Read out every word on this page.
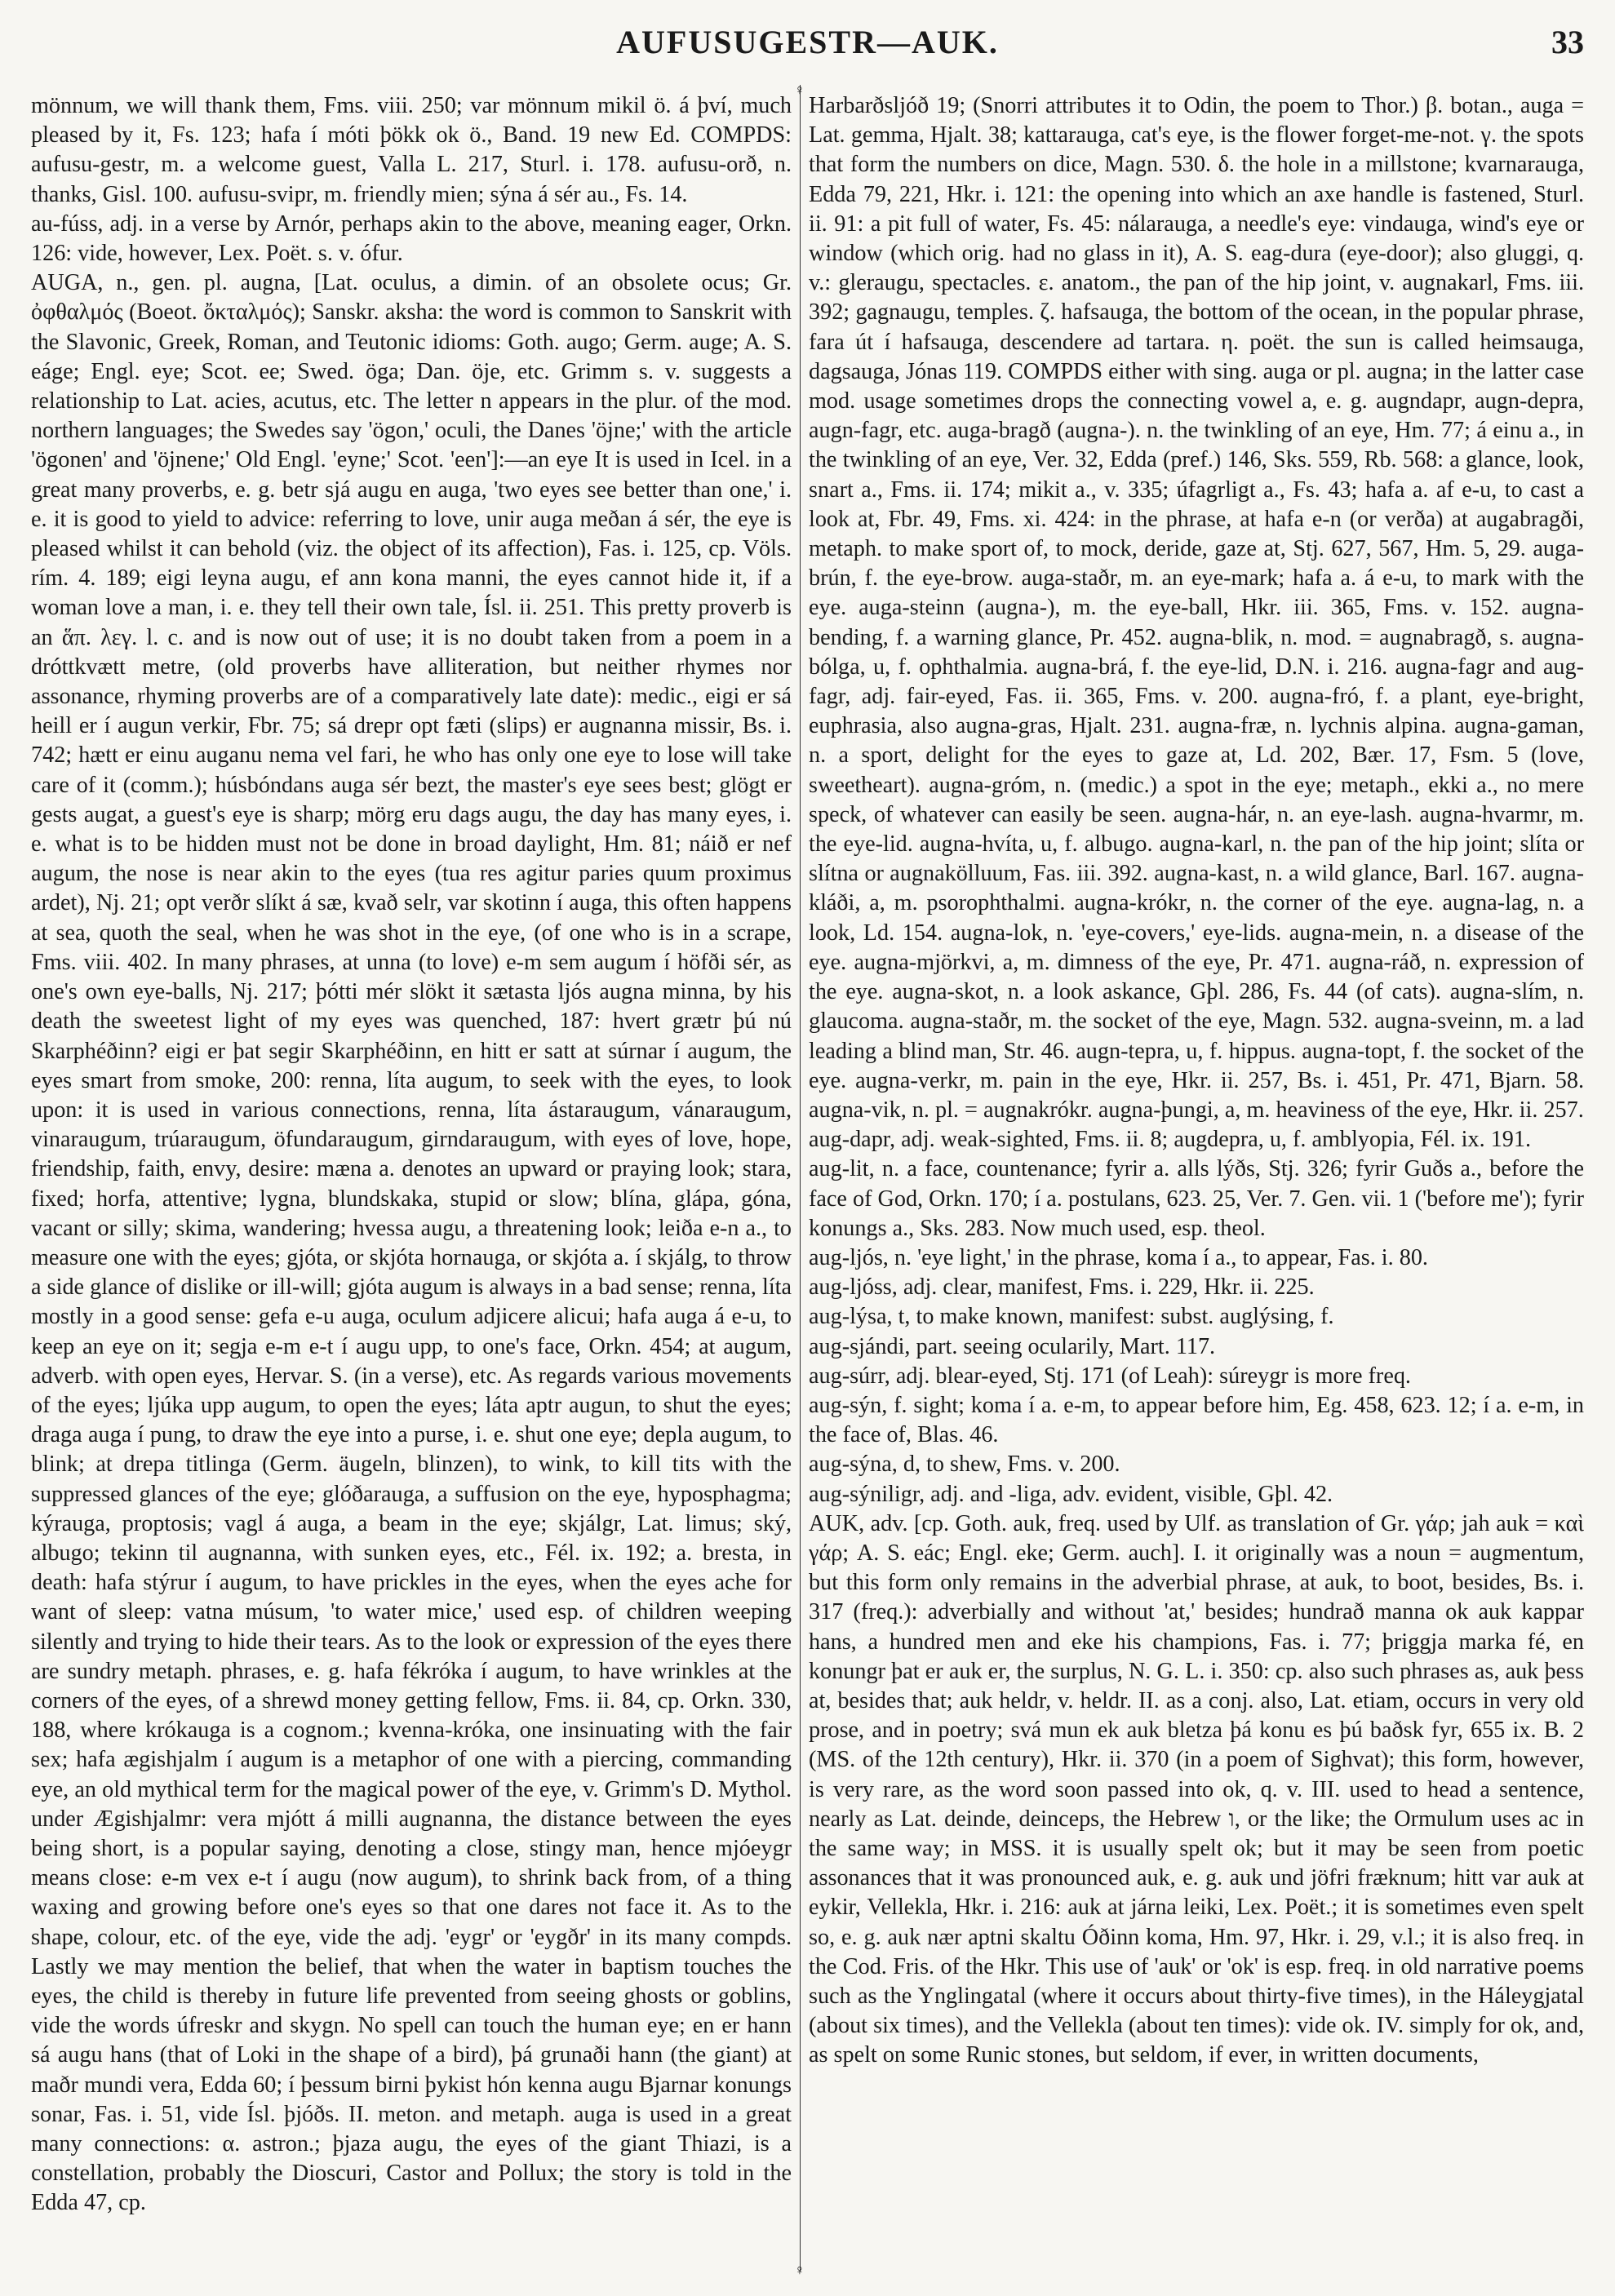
AUFUSUGESTR—AUK.	33
♀
♀

mönnum, we will thank them, Fms. viii. 250; var mönnum mikil ö. á því, much pleased by it, Fs. 123; hafa í móti þökk ok ö., Band. 19 new Ed. COMPDS: aufusu-gestr, m. a welcome guest, Valla L. 217, Sturl. i. 178. aufusu-orð, n. thanks, Gisl. 100. aufusu-svipr, m. friendly mien; sýna á sér au., Fs. 14.

au-fúss, adj. in a verse by Arnór, perhaps akin to the above, meaning eager, Orkn. 126: vide, however, Lex. Poët. s. v. ófur.

AUGA, n., gen. pl. augna, [Lat. oculus, a dimin. of an obsolete ocus; Gr. ὀφθαλμός (Boeot. ὄκταλμός); Sanskr. aksha: the word is common to Sanskrit with the Slavonic, Greek, Roman, and Teutonic idioms: Goth. augo; Germ. auge; A. S. eáge; Engl. eye; Scot. ee; Swed. öga; Dan. öje, etc. Grimm s. v. suggests a relationship to Lat. acies, acutus, etc. The letter n appears in the plur. of the mod. northern languages; the Swedes say 'ögon,' oculi, the Danes 'öjne;' with the article 'ögonen' and 'öjnene;' Old Engl. 'eyne;' Scot. 'een']:—an eye It is used in Icel. in a great many proverbs, e. g. betr sjá augu en auga, 'two eyes see better than one,' i. e. it is good to yield to advice: referring to love, unir auga meðan á sér, the eye is pleased whilst it can behold (viz. the object of its affection), Fas. i. 125, cp. Völs. rím. 4. 189; eigi leyna augu, ef ann kona manni, the eyes cannot hide it, if a woman love a man, i. e. they tell their own tale, Ísl. ii. 251. This pretty proverb is an ἅπ. λεγ. l. c. and is now out of use; it is no doubt taken from a poem in a dróttkvætt metre, (old proverbs have alliteration, but neither rhymes nor assonance, rhyming proverbs are of a comparatively late date): medic., eigi er sá heill er í augun verkir, Fbr. 75; sá drepr opt fæti (slips) er augnanna missir, Bs. i. 742; hætt er einu auganu nema vel fari, he who has only one eye to lose will take care of it (comm.); húsbóndans auga sér bezt, the master's eye sees best; glögt er gests augat, a guest's eye is sharp; mörg eru dags augu, the day has many eyes, i. e. what is to be hidden must not be done in broad daylight, Hm. 81; náið er nef augum, the nose is near akin to the eyes (tua res agitur paries quum proximus ardet), Nj. 21; opt verðr slíkt á sæ, kvað selr, var skotinn í auga, this often happens at sea, quoth the seal, when he was shot in the eye, (of one who is in a scrape, Fms. viii. 402. In many phrases, at unna (to love) e-m sem augum í höfði sér, as one's own eye-balls, Nj. 217; þótti mér slökt it sætasta ljós augna minna, by his death the sweetest light of my eyes was quenched, 187: hvert grætr þú nú Skarphéðinn? eigi er þat segir Skarphéðinn, en hitt er satt at súrnar í augum, the eyes smart from smoke, 200: renna, líta augum, to seek with the eyes, to look upon: it is used in various connections, renna, líta ástaraugum, vánaraugum, vinaraugum, trúaraugum, öfundaraugum, girndaraugum, with eyes of love, hope, friendship, faith, envy, desire: mæna a. denotes an upward or praying look; stara, fixed; horfa, attentive; lygna, blundskaka, stupid or slow; blína, glápa, góna, vacant or silly; skima, wandering; hvessa augu, a threatening look; leiða e-n a., to measure one with the eyes; gjóta, or skjóta hornauga, or skjóta a. í skjálg, to throw a side glance of dislike or ill-will; gjóta augum is always in a bad sense; renna, líta mostly in a good sense: gefa e-u auga, oculum adjicere alicui; hafa auga á e-u, to keep an eye on it; segja e-m e-t í augu upp, to one's face, Orkn. 454; at augum, adverb. with open eyes, Hervar. S. (in a verse), etc. As regards various movements of the eyes; ljúka upp augum, to open the eyes; láta aptr augun, to shut the eyes; draga auga í pung, to draw the eye into a purse, i. e. shut one eye; depla augum, to blink; at drepa titlinga (Germ. äugeln, blinzen), to wink, to kill tits with the suppressed glances of the eye; glóðarauga, a suffusion on the eye, hyposphagma; kýrauga, proptosis; vagl á auga, a beam in the eye; skjálgr, Lat. limus; ský, albugo; tekinn til augnanna, with sunken eyes, etc., Fél. ix. 192; a. bresta, in death: hafa stýrur í augum, to have prickles in the eyes, when the eyes ache for want of sleep: vatna músum, 'to water mice,' used esp. of children weeping silently and trying to hide their tears. As to the look or expression of the eyes there are sundry metaph. phrases, e. g. hafa fékróka í augum, to have wrinkles at the corners of the eyes, of a shrewd money getting fellow, Fms. ii. 84, cp. Orkn. 330, 188, where krókauga is a cognom.; kvenna-króka, one insinuating with the fair sex; hafa ægishjalm í augum is a metaphor of one with a piercing, commanding eye, an old mythical term for the magical power of the eye, v. Grimm's D. Mythol. under Ægishjalmr: vera mjótt á milli augnanna, the distance between the eyes being short, is a popular saying, denoting a close, stingy man, hence mjóeygr means close: e-m vex e-t í augu (now augum), to shrink back from, of a thing waxing and growing before one's eyes so that one dares not face it. As to the shape, colour, etc. of the eye, vide the adj. 'eygr' or 'eygðr' in its many compds. Lastly we may mention the belief, that when the water in baptism touches the eyes, the child is thereby in future life prevented from seeing ghosts or goblins, vide the words úfreskr and skygn. No spell can touch the human eye; en er hann sá augu hans (that of Loki in the shape of a bird), þá grunaði hann (the giant) at maðr mundi vera, Edda 60; í þessum birni þykist hón kenna augu Bjarnar konungs sonar, Fas. i. 51, vide Ísl. þjóðs. II. meton. and metaph. auga is used in a great many connections: α. astron.; þjaza augu, the eyes of the giant Thiazi, is a constellation, probably the Dioscuri, Castor and Pollux; the story is told in the Edda 47, cp.

Harbarðsljóð 19; (Snorri attributes it to Odin, the poem to Thor.) β. botan., auga = Lat. gemma, Hjalt. 38; kattarauga, cat's eye, is the flower forget-me-not. γ. the spots that form the numbers on dice, Magn. 530. δ. the hole in a millstone; kvarnarauga, Edda 79, 221, Hkr. i. 121: the opening into which an axe handle is fastened, Sturl. ii. 91: a pit full of water, Fs. 45: nálarauga, a needle's eye: vindauga, wind's eye or window (which orig. had no glass in it), A. S. eag-dura (eye-door); also gluggi, q. v.: gleraugu, spectacles. ε. anatom., the pan of the hip joint, v. augnakarl, Fms. iii. 392; gagnaugu, temples. ζ. hafsauga, the bottom of the ocean, in the popular phrase, fara út í hafsauga, descendere ad tartara. η. poët. the sun is called heimsauga, dagsauga, Jónas 119. COMPDS either with sing. auga or pl. augna; in the latter case mod. usage sometimes drops the connecting vowel a, e. g. augndapr, augn-depra, augn-fagr, etc. auga-bragð (augna-). n. the twinkling of an eye, Hm. 77; á einu a., in the twinkling of an eye, Ver. 32, Edda (pref.) 146, Sks. 559, Rb. 568: a glance, look, snart a., Fms. ii. 174; mikit a., v. 335; úfagrligt a., Fs. 43; hafa a. af e-u, to cast a look at, Fbr. 49, Fms. xi. 424: in the phrase, at hafa e-n (or verða) at augabragði, metaph. to make sport of, to mock, deride, gaze at, Stj. 627, 567, Hm. 5, 29. auga-brún, f. the eye-brow. auga-staðr, m. an eye-mark; hafa a. á e-u, to mark with the eye. auga-steinn (augna-), m. the eye-ball, Hkr. iii. 365, Fms. v. 152. augna-bending, f. a warning glance, Pr. 452. augna-blik, n. mod. = augnabragð, s. augna-bólga, u, f. ophthalmia. augna-brá, f. the eye-lid, D.N. i. 216. augna-fagr and aug-fagr, adj. fair-eyed, Fas. ii. 365, Fms. v. 200. augna-fró, f. a plant, eye-bright, euphrasia, also augna-gras, Hjalt. 231. augna-fræ, n. lychnis alpina. augna-gaman, n. a sport, delight for the eyes to gaze at, Ld. 202, Bær. 17, Fsm. 5 (love, sweetheart). augna-gróm, n. (medic.) a spot in the eye; metaph., ekki a., no mere speck, of whatever can easily be seen. augna-hár, n. an eye-lash. augna-hvarmr, m. the eye-lid. augna-hvíta, u, f. albugo. augna-karl, n. the pan of the hip joint; slíta or slítna or augnakölluum, Fas. iii. 392. augna-kast, n. a wild glance, Barl. 167. augna-kláði, a, m. psorophthalmi. augna-krókr, n. the corner of the eye. augna-lag, n. a look, Ld. 154. augna-lok, n. 'eye-covers,' eye-lids. augna-mein, n. a disease of the eye. augna-mjörkvi, a, m. dimness of the eye, Pr. 471. augna-ráð, n. expression of the eye. augna-skot, n. a look askance, Gþl. 286, Fs. 44 (of cats). augna-slím, n. glaucoma. augna-staðr, m. the socket of the eye, Magn. 532. augna-sveinn, m. a lad leading a blind man, Str. 46. augn-tepra, u, f. hippus. augna-topt, f. the socket of the eye. augna-verkr, m. pain in the eye, Hkr. ii. 257, Bs. i. 451, Pr. 471, Bjarn. 58. augna-vik, n. pl. = augnakrókr. augna-þungi, a, m. heaviness of the eye, Hkr. ii. 257.

aug-dapr, adj. weak-sighted, Fms. ii. 8; augdepra, u, f. amblyopia, Fél. ix. 191.

aug-lit, n. a face, countenance; fyrir a. alls lýðs, Stj. 326; fyrir Guðs a., before the face of God, Orkn. 170; í a. postulans, 623. 25, Ver. 7. Gen. vii. 1 ('before me'); fyrir konungs a., Sks. 283. Now much used, esp. theol.

aug-ljós, n. 'eye light,' in the phrase, koma í a., to appear, Fas. i. 80.

aug-ljóss, adj. clear, manifest, Fms. i. 229, Hkr. ii. 225.

aug-lýsa, t, to make known, manifest: subst. auglýsing, f.

aug-sjándi, part. seeing ocularily, Mart. 117.

aug-súrr, adj. blear-eyed, Stj. 171 (of Leah): súreygr is more freq.

aug-sýn, f. sight; koma í a. e-m, to appear before him, Eg. 458, 623. 12; í a. e-m, in the face of, Blas. 46.

aug-sýna, d, to shew, Fms. v. 200.

aug-sýniligr, adj. and -liga, adv. evident, visible, Gþl. 42.

AUK, adv. [cp. Goth. auk, freq. used by Ulf. as translation of Gr. γάρ; jah auk = καὶ γάρ; A. S. eác; Engl. eke; Germ. auch]. I. it originally was a noun = augmentum, but this form only remains in the adverbial phrase, at auk, to boot, besides, Bs. i. 317 (freq.): adverbially and without 'at,' besides; hundrað manna ok auk kappar hans, a hundred men and eke his champions, Fas. i. 77; þriggja marka fé, en konungr þat er auk er, the surplus, N. G. L. i. 350: cp. also such phrases as, auk þess at, besides that; auk heldr, v. heldr. II. as a conj. also, Lat. etiam, occurs in very old prose, and in poetry; svá mun ek auk bletza þá konu es þú baðsk fyr, 655 ix. B. 2 (MS. of the 12th century), Hkr. ii. 370 (in a poem of Sighvat); this form, however, is very rare, as the word soon passed into ok, q. v. III. used to head a sentence, nearly as Lat. deinde, deinceps, the Hebrew ו, or the like; the Ormulum uses ac in the same way; in MSS. it is usually spelt ok; but it may be seen from poetic assonances that it was pronounced auk, e. g. auk und jöfri fræknum; hitt var auk at eykir, Vellekla, Hkr. i. 216: auk at járna leiki, Lex. Poët.; it is sometimes even spelt so, e. g. auk nær aptni skaltu Óðinn koma, Hm. 97, Hkr. i. 29, v.l.; it is also freq. in the Cod. Fris. of the Hkr. This use of 'auk' or 'ok' is esp. freq. in old narrative poems such as the Ynglingatal (where it occurs about thirty-five times), in the Háleygjatal (about six times), and the Vellekla (about ten times): vide ok. IV. simply for ok, and, as spelt on some Runic stones, but seldom, if ever, in written documents,
